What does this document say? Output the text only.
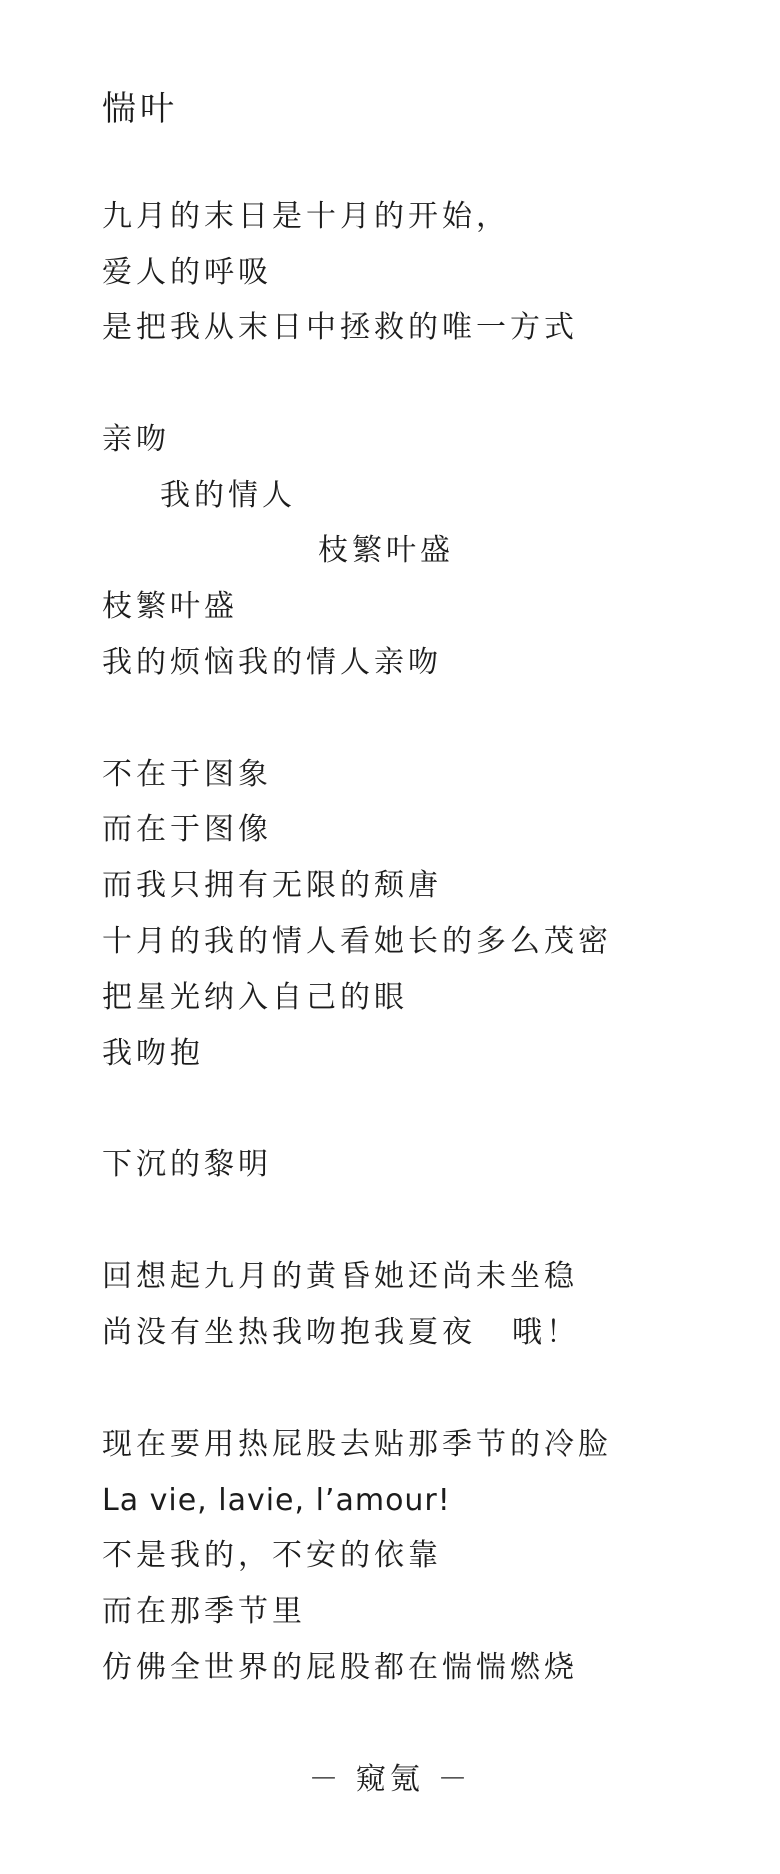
惴叶
九月的末日是十月的开始，
爱人的呼吸
是把我从末日中拯救的唯一方式
亲吻
我的情人
枝繁叶盛
枝繁叶盛
我的烦恼我的情人亲吻
不在于图象
而在于图像
而我只拥有无限的颓唐
十月的我的情人看她长的多么茂密
把星光纳入自己的眼
我吻抱
下沉的黎明
回想起九月的黄昏她还尚未坐稳
尚没有坐热我吻抱我夏夜 哦！
现在要用热屁股去贴那季节的冷脸
La vie, lavie, l’amour!
不是我的，不安的依靠
而在那季节里
仿佛全世界的屁股都在惴惴燃烧
－ 窥氪 －
